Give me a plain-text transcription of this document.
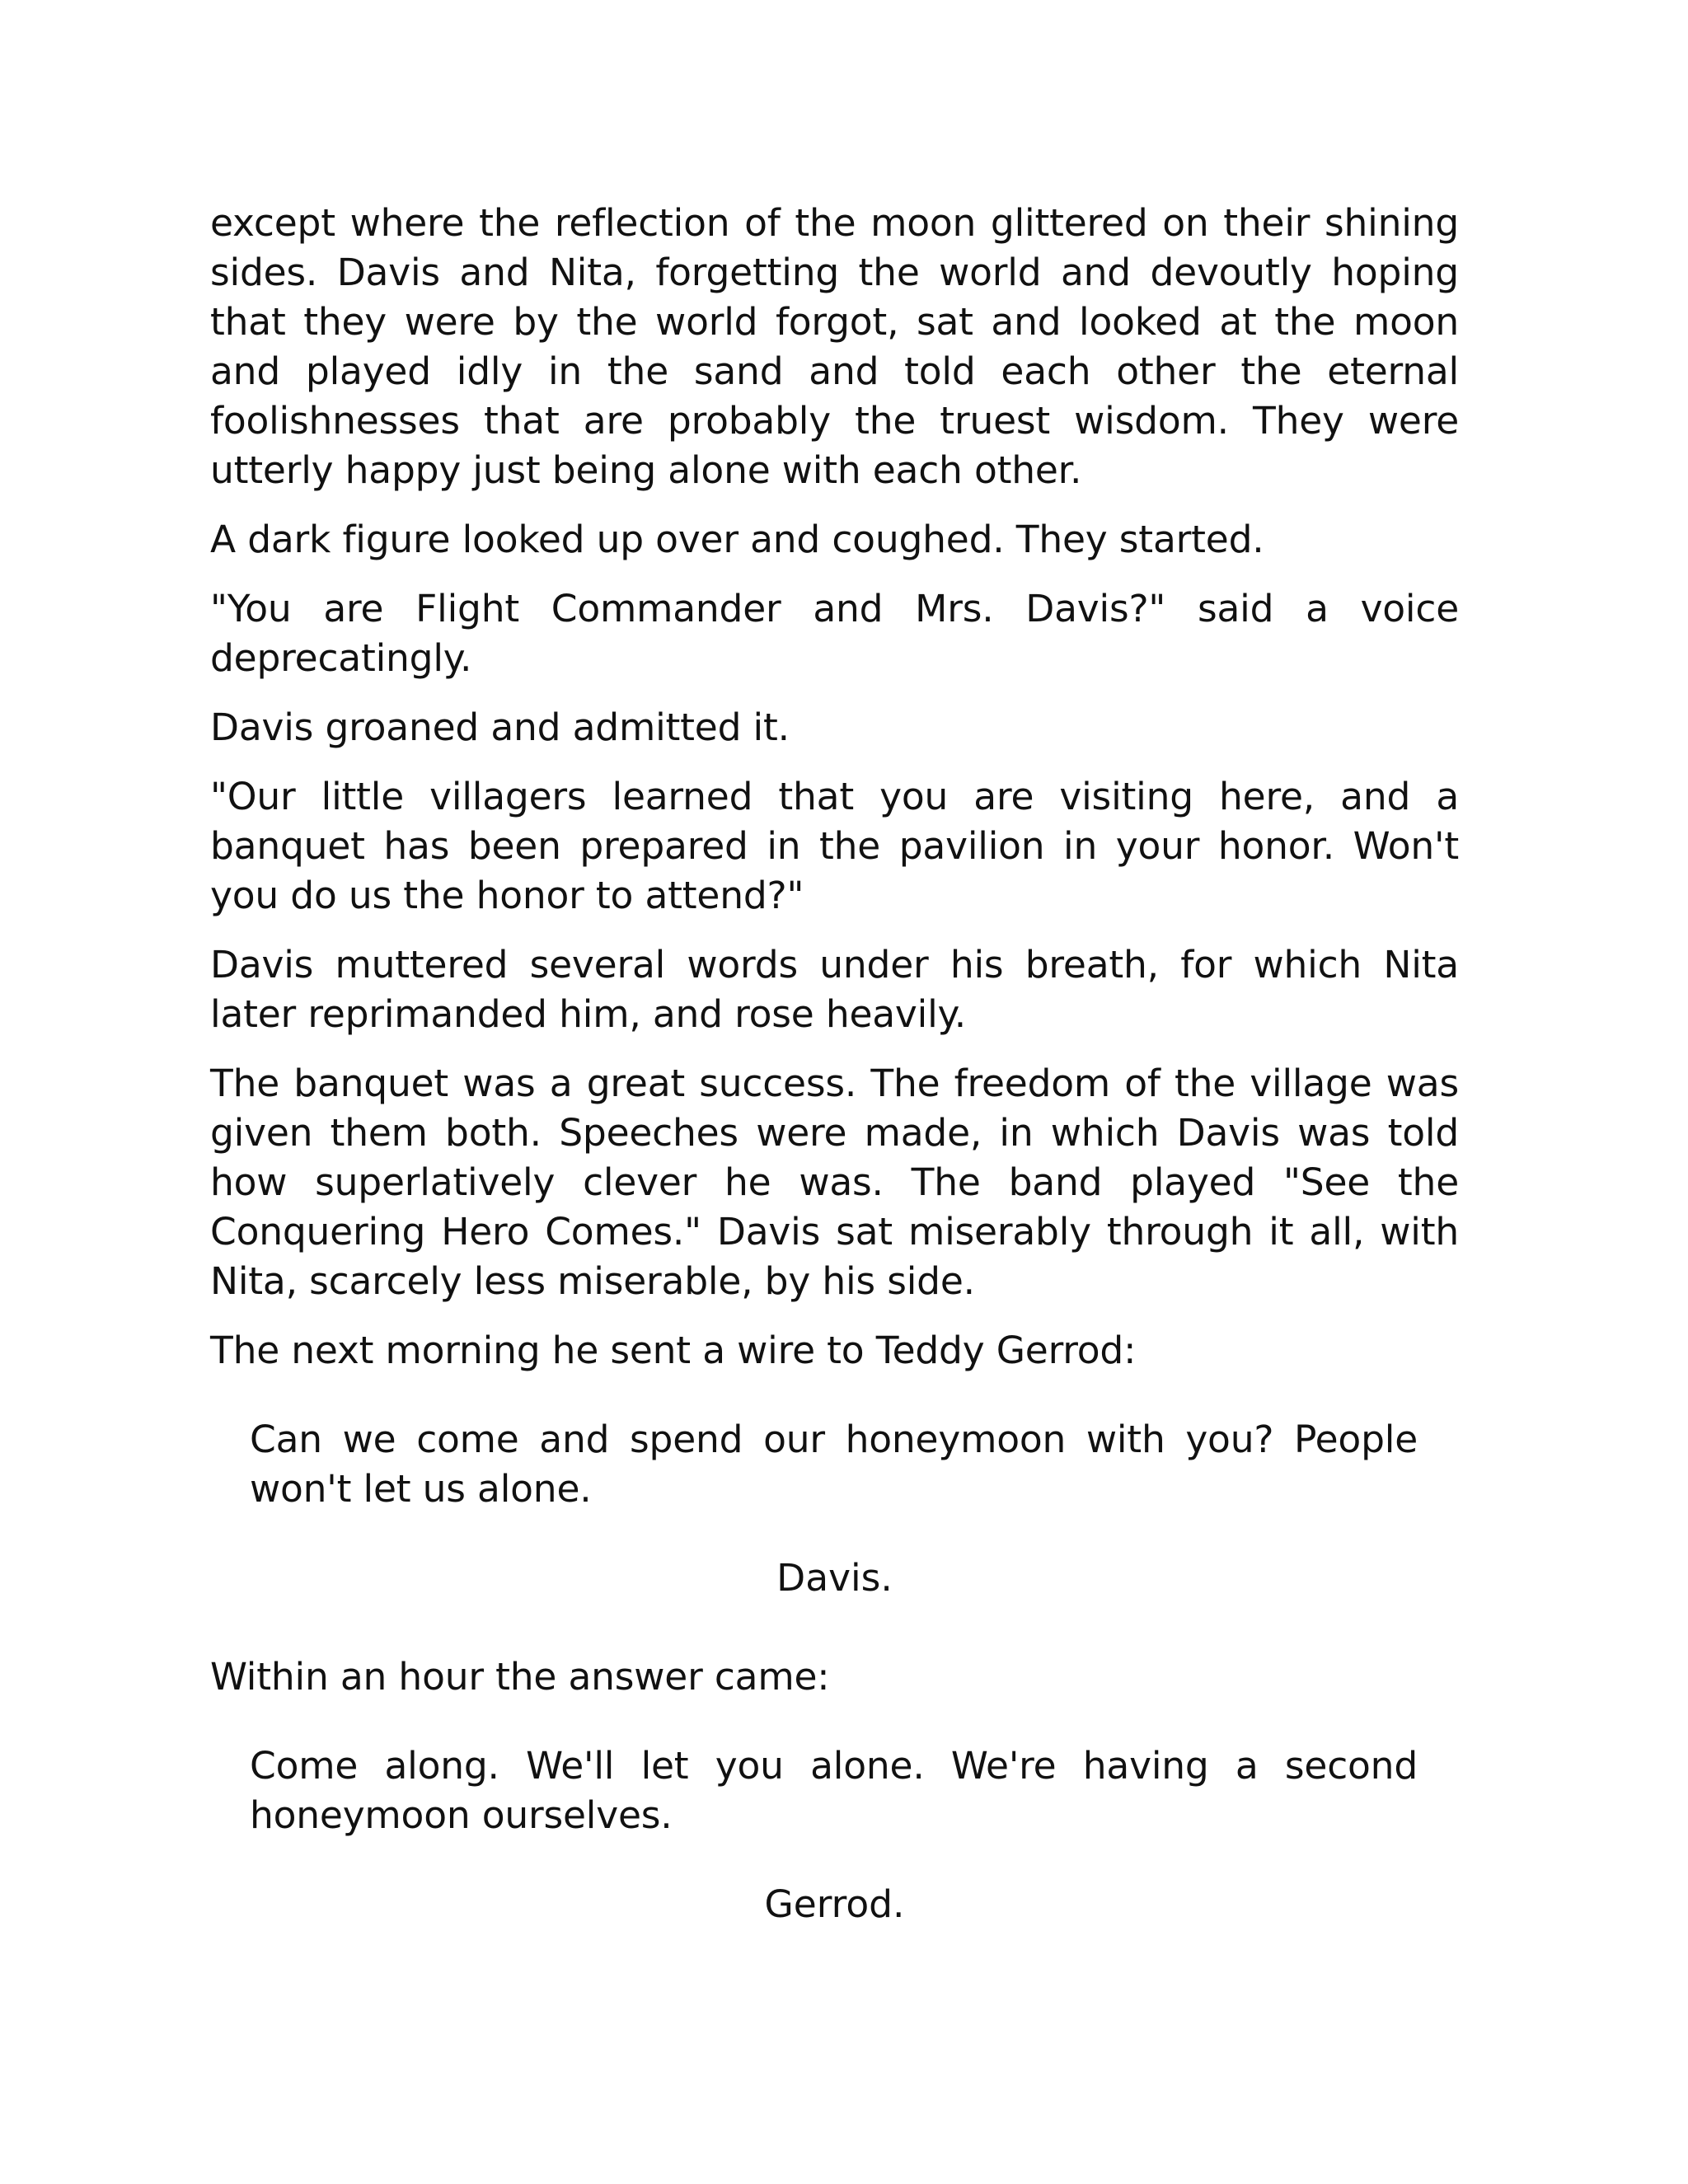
except where the reflection of the moon glittered on their shining sides. Davis and Nita, forgetting the world and devoutly hoping that they were by the world forgot, sat and looked at the moon and played idly in the sand and told each other the eternal foolishnesses that are probably the truest wisdom. They were utterly happy just being alone with each other.

A dark figure looked up over and coughed. They started.

"You are Flight Commander and Mrs. Davis?" said a voice deprecatingly.

Davis groaned and admitted it.

"Our little villagers learned that you are visiting here, and a banquet has been prepared in the pavilion in your honor. Won't you do us the honor to attend?"

Davis muttered several words under his breath, for which Nita later reprimanded him, and rose heavily.

The banquet was a great success. The freedom of the village was given them both. Speeches were made, in which Davis was told how superlatively clever he was. The band played "See the Conquering Hero Comes." Davis sat miserably through it all, with Nita, scarcely less miserable, by his side.

The next morning he sent a wire to Teddy Gerrod:

Can we come and spend our honeymoon with you? People won't let us alone.
Davis.

Within an hour the answer came:

Come along. We'll let you alone. We're having a second honeymoon ourselves.
Gerrod.
